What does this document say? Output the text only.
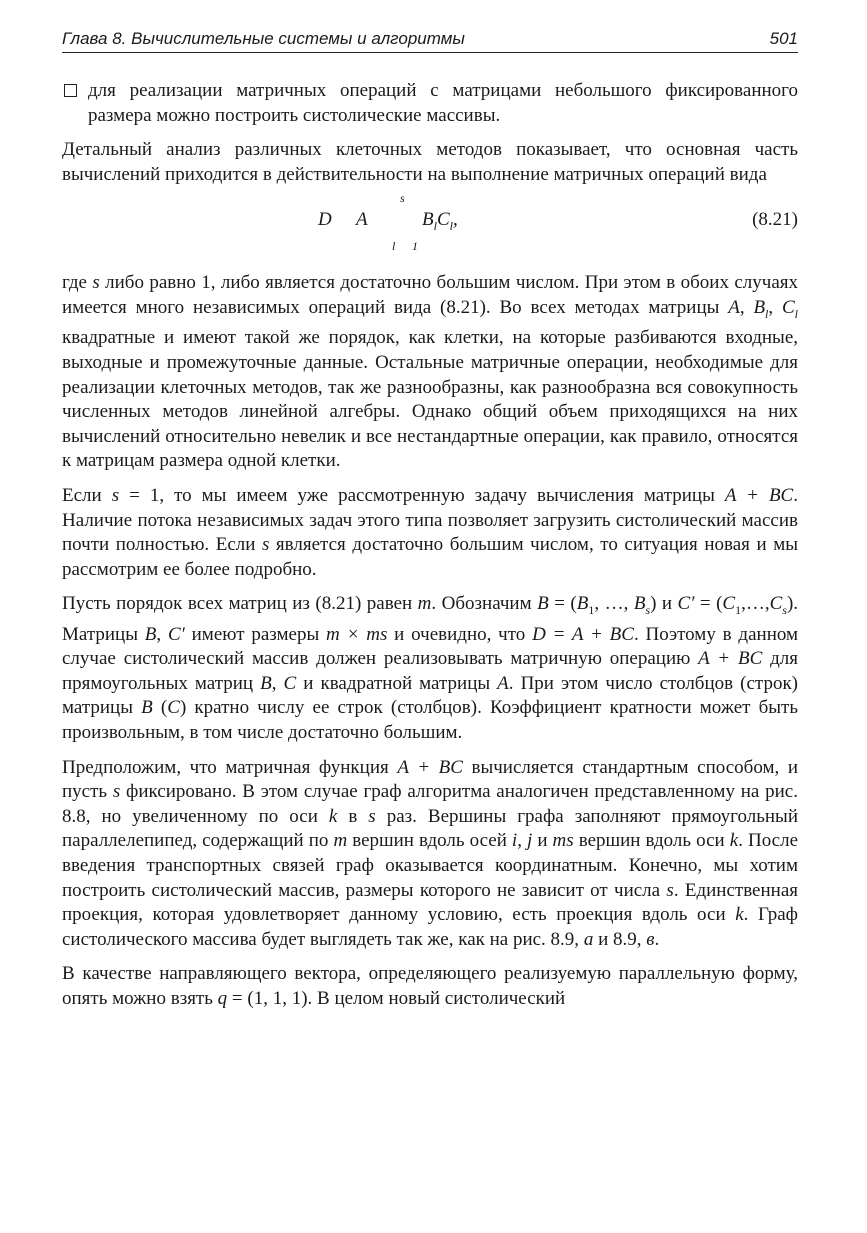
Глава 8. Вычислительные системы и алгоритмы	501

для реализации матричных операций с матрицами небольшого фиксированного размера можно построить систолические массивы.

Детальный анализ различных клеточных методов показывает, что основная часть вычислений приходится в действительности на выполнение матричных операций вида

D A
s
l 1
$B_lC_l$,	(8.21)

где s либо равно 1, либо является достаточно большим числом. При этом в обоих случаях имеется много независимых операций вида (8.21). Во всех методах матрицы A, $B_l$, $C_l$ квадратные и имеют такой же порядок, как клетки, на которые разбиваются входные, выходные и промежуточные данные. Остальные матричные операции, необходимые для реализации клеточных методов, так же разнообразны, как разнообразна вся совокупность численных методов линейной алгебры. Однако общий объем приходящихся на них вычислений относительно невелик и все нестандартные операции, как правило, относятся к матрицам размера одной клетки.

Если s = 1, то мы имеем уже рассмотренную задачу вычисления матрицы A + BC. Наличие потока независимых задач этого типа позволяет загрузить систолический массив почти полностью. Если s является достаточно большим числом, то ситуация новая и мы рассмотрим ее более подробно.

Пусть порядок всех матриц из (8.21) равен m. Обозначим $B = (B_1$, …, $B_s$) и $C' = (C_1,\dots,C_s)$. Матрицы B, C′ имеют размеры m × ms и очевидно, что D = A + BC. Поэтому в данном случае систолический массив должен реализовывать матричную операцию A + BC для прямоугольных матриц B, C и квадратной матрицы A. При этом число столбцов (строк) матрицы B (C) кратно числу ее строк (столбцов). Коэффициент кратности может быть произвольным, в том числе достаточно большим.

Предположим, что матричная функция A + BC вычисляется стандартным способом, и пусть s фиксировано. В этом случае граф алгоритма аналогичен представленному на рис. 8.8, но увеличенному по оси k в s раз. Вершины графа заполняют прямоугольный параллелепипед, содержащий по m вершин вдоль осей i, j и ms вершин вдоль оси k. После введения транспортных связей граф оказывается координатным. Конечно, мы хотим построить систолический массив, размеры которого не зависит от числа s. Единственная проекция, которая удовлетворяет данному условию, есть проекция вдоль оси k. Граф систолического массива будет выглядеть так же, как на рис. 8.9, а и 8.9, в.

В качестве направляющего вектора, определяющего реализуемую параллельную форму, опять можно взять q = (1, 1, 1). В целом новый систолический
